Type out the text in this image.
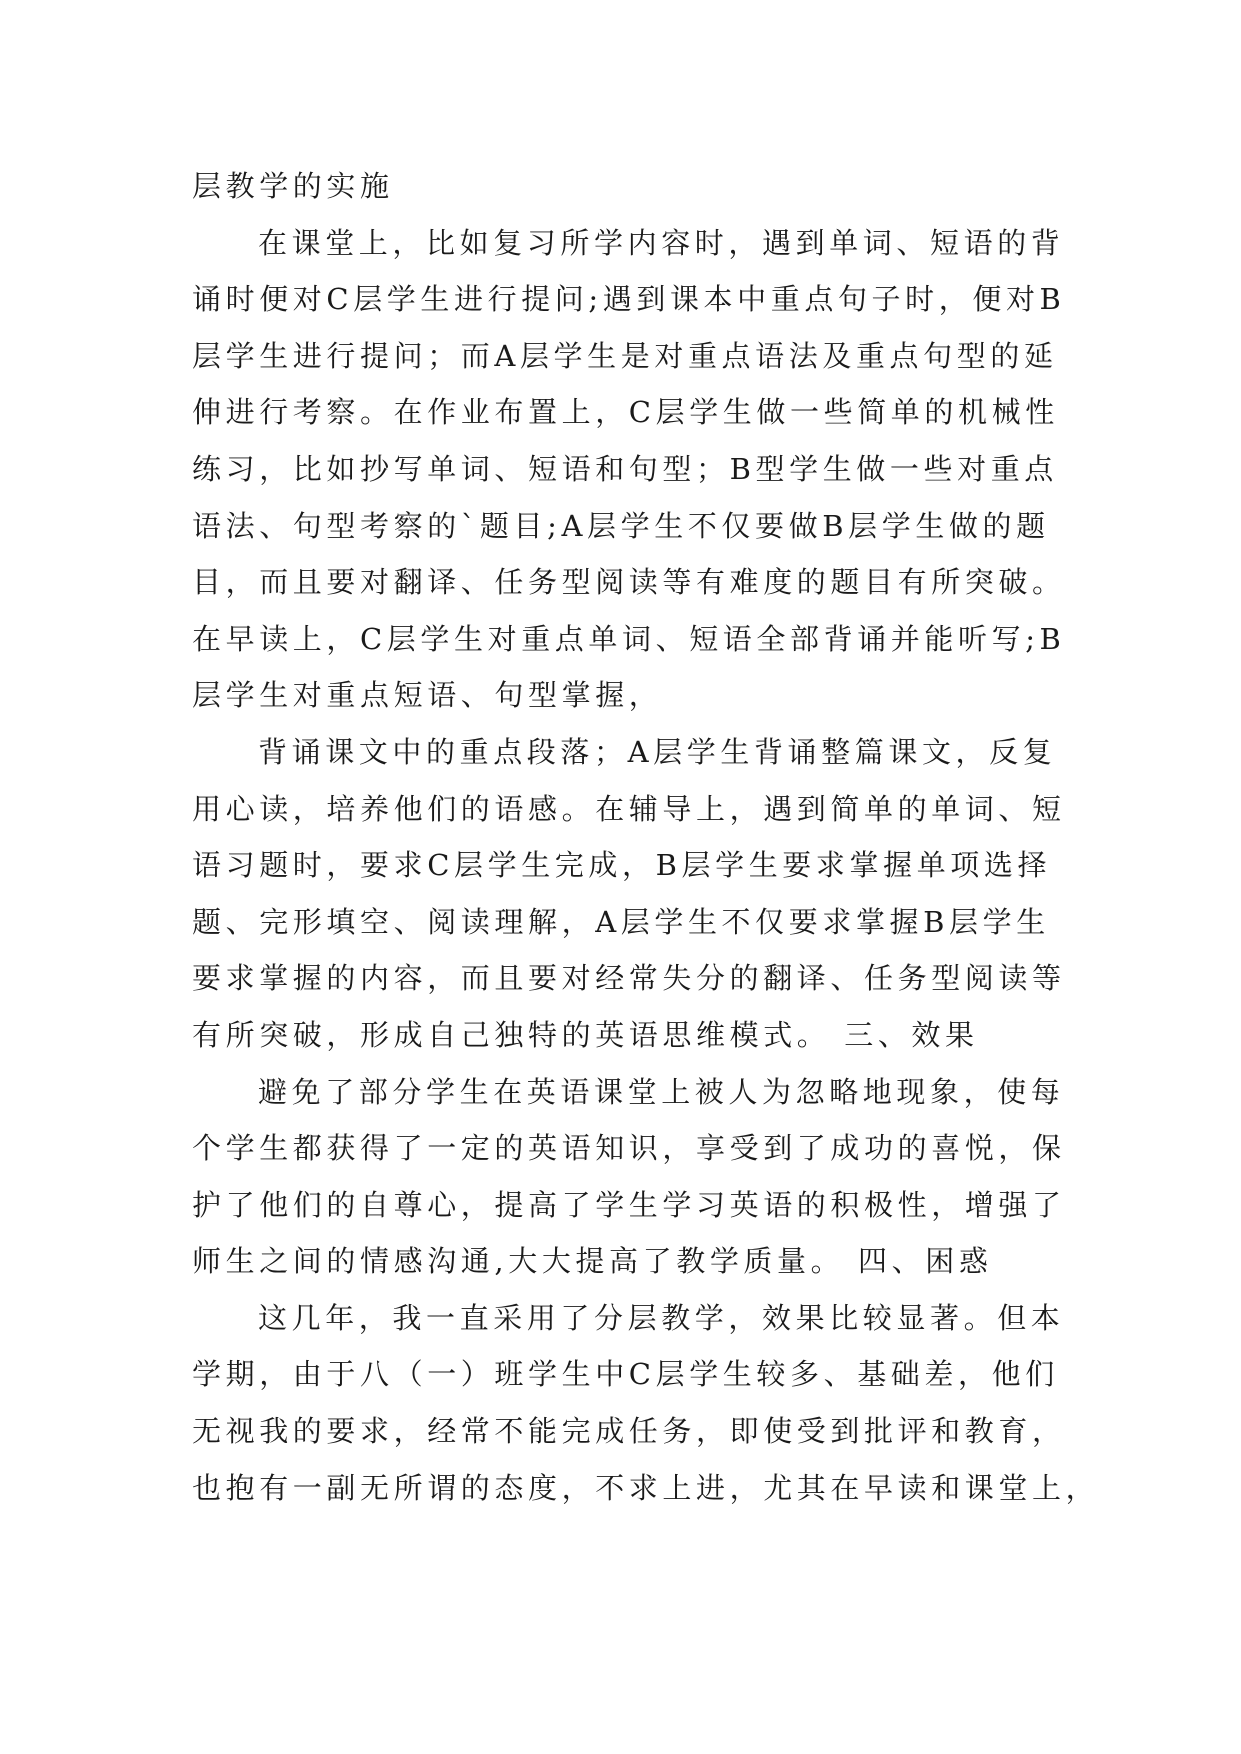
层教学的实施
在课堂上，比如复习所学内容时，遇到单词、短语的背
诵时便对C层学生进行提问;遇到课本中重点句子时，便对B
层学生进行提问；而A层学生是对重点语法及重点句型的延
伸进行考察。在作业布置上，C层学生做一些简单的机械性
练习，比如抄写单词、短语和句型；B型学生做一些对重点
语法、句型考察的`题目;A层学生不仅要做B层学生做的题
目，而且要对翻译、任务型阅读等有难度的题目有所突破。
在早读上，C层学生对重点单词、短语全部背诵并能听写;B
层学生对重点短语、句型掌握，
背诵课文中的重点段落；A层学生背诵整篇课文，反复
用心读，培养他们的语感。在辅导上，遇到简单的单词、短
语习题时，要求C层学生完成，B层学生要求掌握单项选择
题、完形填空、阅读理解，A层学生不仅要求掌握B层学生
要求掌握的内容，而且要对经常失分的翻译、任务型阅读等
有所突破，形成自己独特的英语思维模式。 三、效果
避免了部分学生在英语课堂上被人为忽略地现象，使每
个学生都获得了一定的英语知识，享受到了成功的喜悦，保
护了他们的自尊心，提高了学生学习英语的积极性，增强了
师生之间的情感沟通,大大提高了教学质量。 四、困惑
这几年，我一直采用了分层教学，效果比较显著。但本
学期，由于八（一）班学生中C层学生较多、基础差，他们
无视我的要求，经常不能完成任务，即使受到批评和教育，
也抱有一副无所谓的态度，不求上进，尤其在早读和课堂上，
